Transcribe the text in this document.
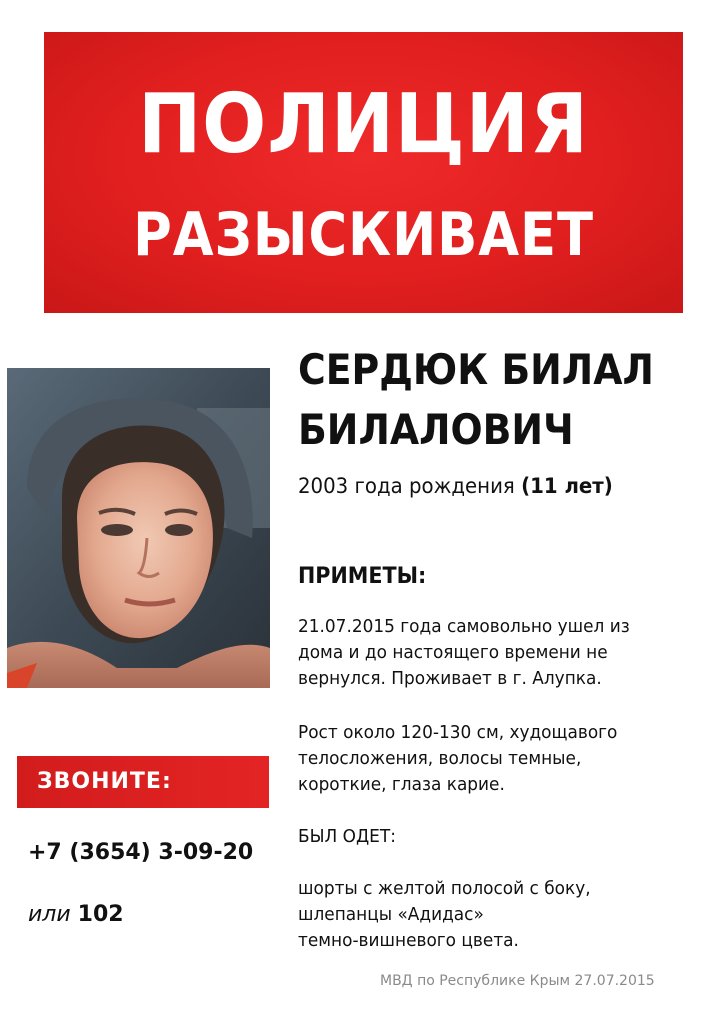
ПОЛИЦИЯ
РАЗЫСКИВАЕТ
СЕРДЮК БИЛАЛ
БИЛАЛОВИЧ
2003 года рождения (11 лет)
ПРИМЕТЫ:
21.07.2015 года самовольно ушел из
дома и до настоящего времени не
вернулся. Проживает в г. Алупка.
Рост около 120-130 см, худощавого
телосложения, волосы темные,
короткие, глаза карие.
БЫЛ ОДЕТ:
шорты с желтой полосой с боку,
шлепанцы «Адидас»
темно-вишневого цвета.
ЗВОНИТЕ:
+7 (3654) 3-09-20
или 102
МВД по Республике Крым 27.07.2015
